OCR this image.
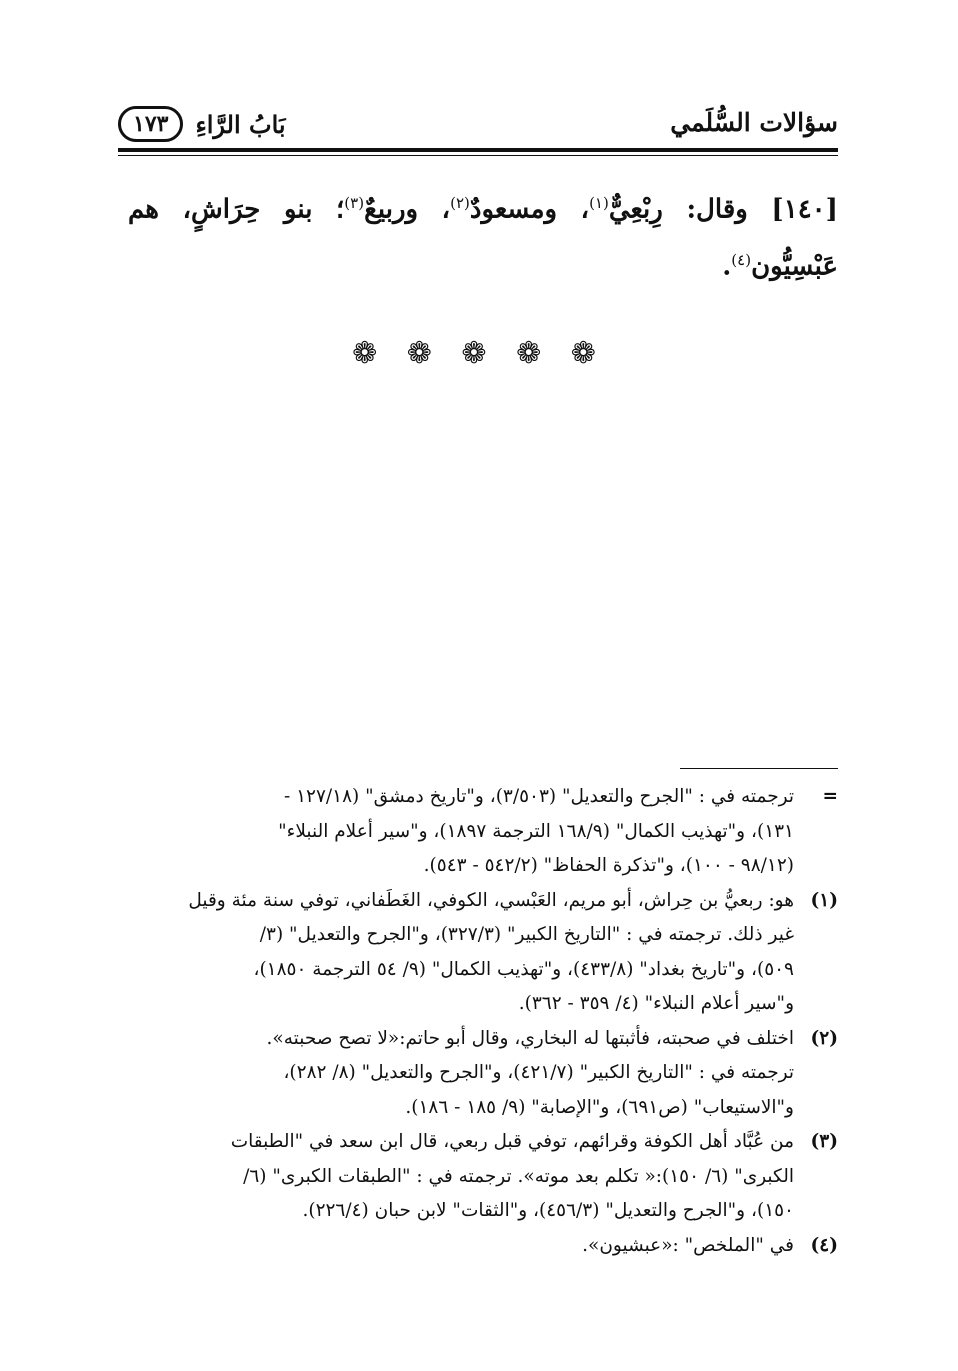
سؤالات السُّلَمي
١٧٣	بَابُ الرَّاءِ
[١٤٠] وقال: رِبْعِيٌّ$^{(١)}$، ومسعودٌ$^{(٢)}$، وربيعٌ$^{(٣)}$؛ بنو حِرَاشٍ، هم عَبْسِيُّون$^{(٤)}$.
❁ ❁ ❁ ❁ ❁
=
ترجمته في : "الجرح والتعديل" (٣/٥٠٣)، و"تاريخ دمشق" (١٢٧/١٨ -
١٣١)، و"تهذيب الكمال" (١٦٨/٩ الترجمة ١٨٩٧)، و"سير أعلام النبلاء"
(٩٨/١٢ - ١٠٠)، و"تذكرة الحفاظ" (٥٤٢/٢ - ٥٤٣).
(١)
هو: ربعيُّ بن حِراش، أبو مريم، العَبْسي، الكوفي، الغَطَفاني، توفي سنة مئة وقيل
غير ذلك. ترجمته في : "التاريخ الكبير" (٣٢٧/٣)، و"الجرح والتعديل" (٣/
٥٠٩)، و"تاريخ بغداد" (٤٣٣/٨)، و"تهذيب الكمال" (٩/ ٥٤ الترجمة ١٨٥٠)،
و"سير أعلام النبلاء" (٤/ ٣٥٩ - ٣٦٢).
(٢)
اختلف في صحبته، فأثبتها له البخاري، وقال أبو حاتم:«لا تصح صحبته».
ترجمته في : "التاريخ الكبير" (٤٢١/٧)، و"الجرح والتعديل" (٨/ ٢٨٢)،
و"الاستيعاب" (ص٦٩١)، و"الإصابة" (٩/ ١٨٥ - ١٨٦).
(٣)
من عُبَّاد أهل الكوفة وقرائهم، توفي قبل ربعي، قال ابن سعد في "الطبقات
الكبرى" (٦/ ١٥٠):« تكلم بعد موته». ترجمته في : "الطبقات الكبرى" (٦/
١٥٠)، و"الجرح والتعديل" (٤٥٦/٣)، و"الثقات" لابن حبان (٢٢٦/٤).
(٤)
في "الملخص" :«عبشيون».
